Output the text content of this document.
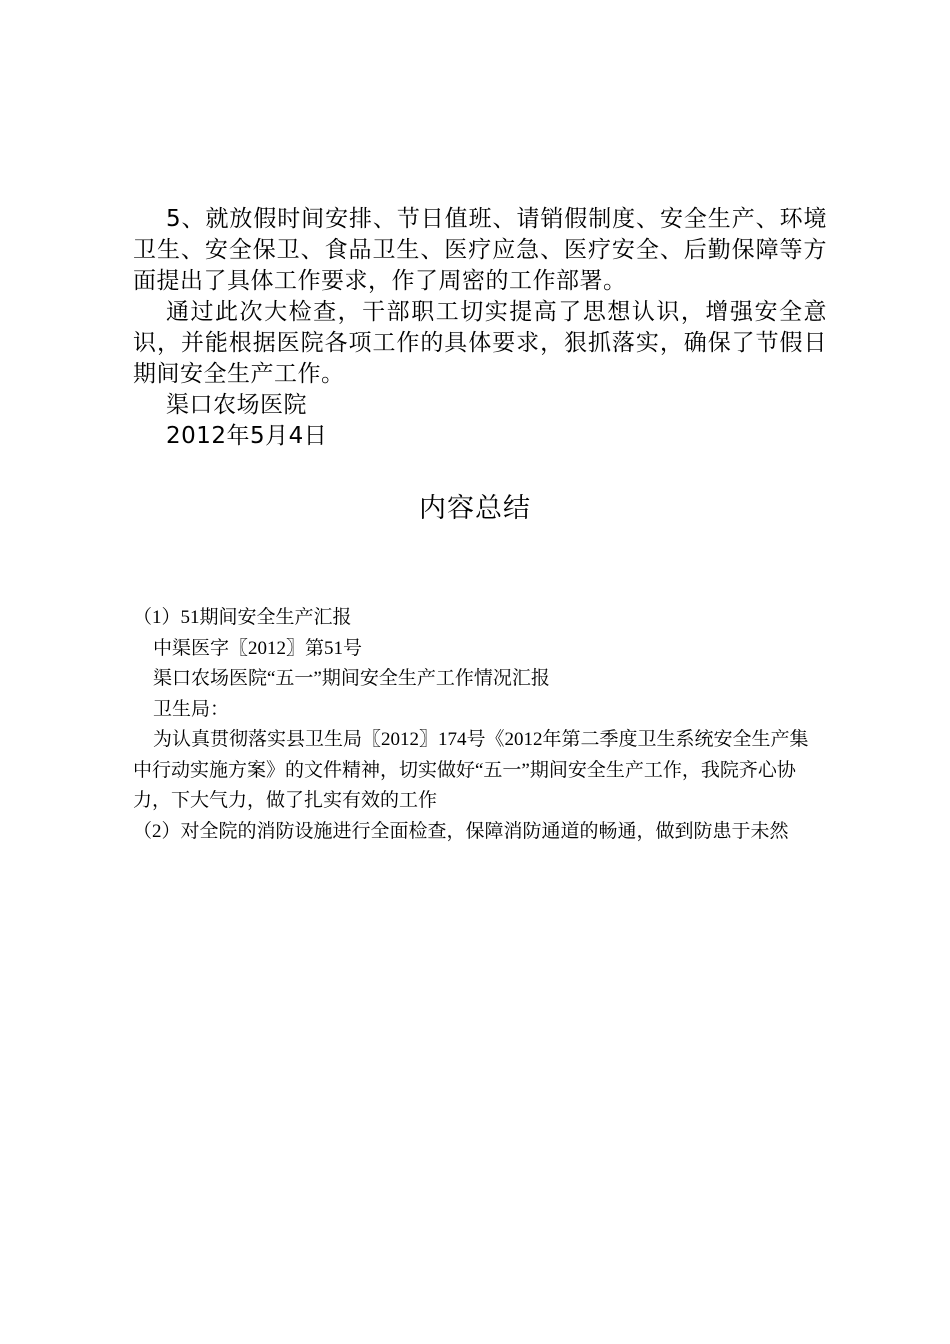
5、就放假时间安排、节日值班、请销假制度、安全生产、环境卫生、安全保卫、食品卫生、医疗应急、医疗安全、后勤保障等方面提出了具体工作要求，作了周密的工作部署。

通过此次大检查，干部职工切实提高了思想认识，增强安全意识，并能根据医院各项工作的具体要求，狠抓落实，确保了节假日期间安全生产工作。

渠口农场医院

2012年5月4日

内容总结

（1）51期间安全生产汇报

中渠医字〖2012〗第51号

渠口农场医院“五一”期间安全生产工作情况汇报

卫生局：

为认真贯彻落实县卫生局〖2012〗174号《2012年第二季度卫生系统安全生产集中行动实施方案》的文件精神，切实做好“五一”期间安全生产工作，我院齐心协力，下大气力，做了扎实有效的工作

（2）对全院的消防设施进行全面检查，保障消防通道的畅通，做到防患于未然
